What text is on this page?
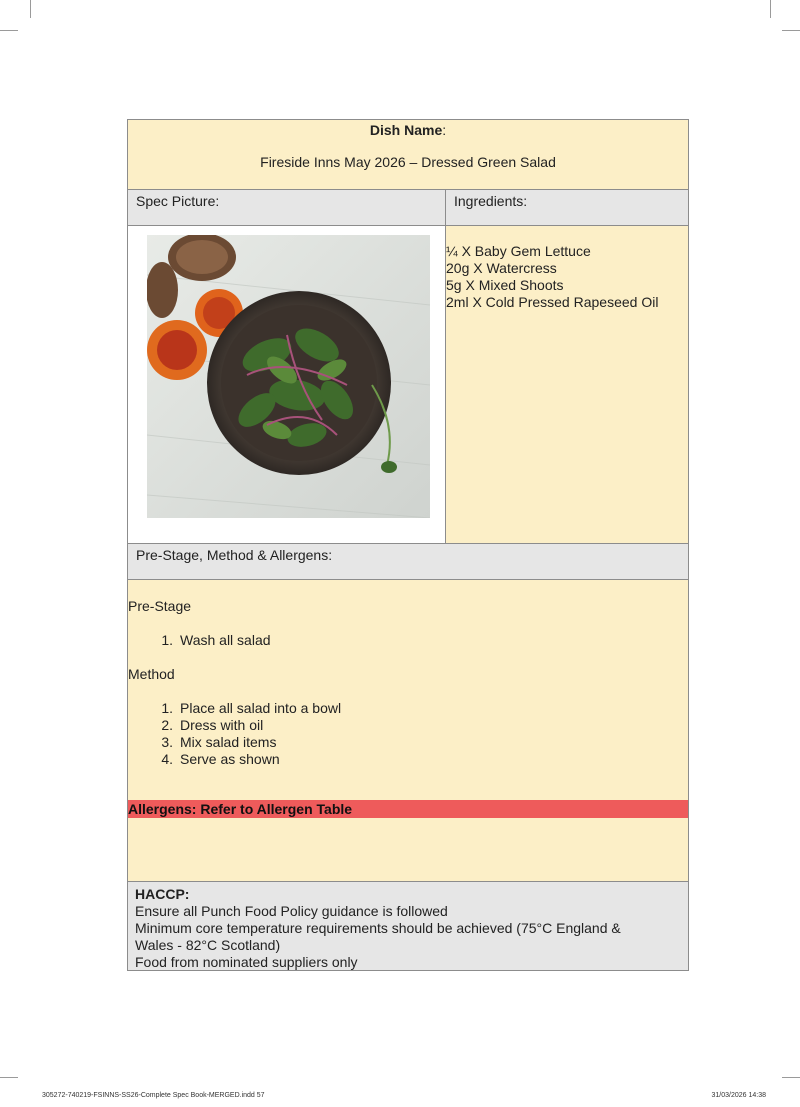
Dish Name:
Fireside Inns May 2026 – Dressed Green Salad
Spec Picture:	Ingredients:
¼ X Baby Gem Lettuce
20g X Watercress
5g X Mixed Shoots
2ml X Cold Pressed Rapeseed Oil
Pre-Stage, Method & Allergens:
Pre-Stage
1. Wash all salad
Method
1. Place all salad into a bowl
2. Dress with oil
3. Mix salad items
4. Serve as shown
Allergens: Refer to Allergen Table
HACCP:
Ensure all Punch Food Policy guidance is followed
Minimum core temperature requirements should be achieved (75°C England &
Wales - 82°C Scotland)
Food from nominated suppliers only
305272-740219-FSINNS-SS26-Complete Spec Book-MERGED.indd 57	31/03/2026 14:38
